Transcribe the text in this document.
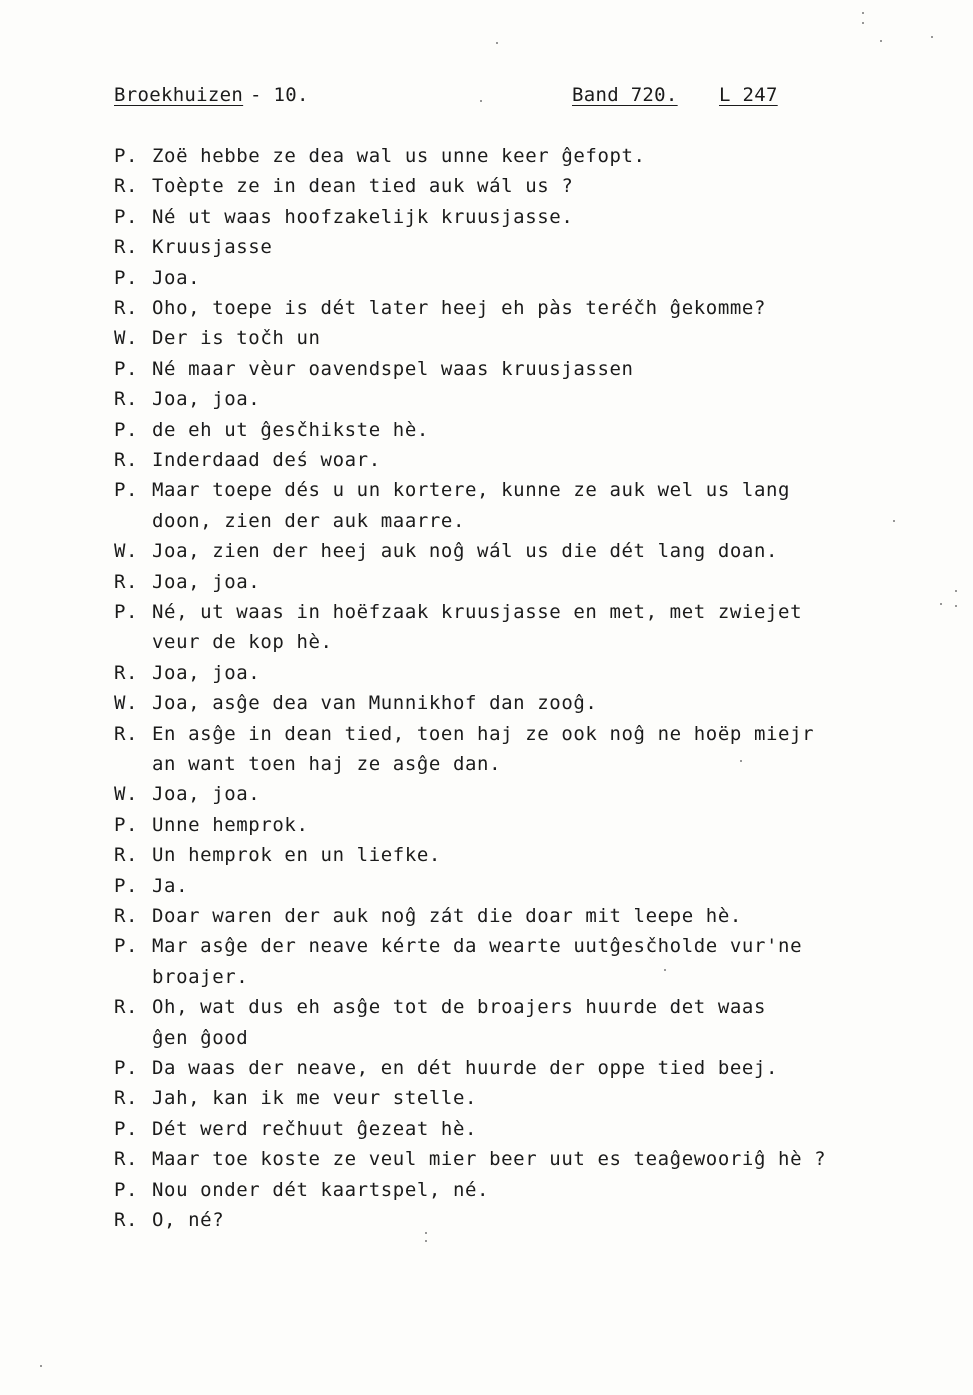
Broekhuizen - 10.	Band 720. L 247
P. Zoë hebbe ze dea wal us unne keer ĝefopt.
R. Toèpte ze in dean tied auk wál us ?
P. Né ut waas hoofzakelijk kruusjasse.
R. Kruusjasse
P. Joa.
R. Oho, toepe is dét later heej eh pàs teréčh ĝekomme?
W. Der is točh un
P. Né maar vèur oavendspel waas kruusjassen
R. Joa, joa.
P. de eh ut ĝesčhikste hè.
R. Inderdaad deś woar.
P. Maar toepe dés u un kortere, kunne ze auk wel us lang
doon, zien der auk maarre.
W. Joa, zien der heej auk noĝ wál us die dét lang doan.
R. Joa, joa.
P. Né, ut waas in hoëfzaak kruusjasse en met, met zwiejet
veur de kop hè.
R. Joa, joa.
W. Joa, asĝe dea van Munnikhof dan zooĝ.
R. En asĝe in dean tied, toen haj ze ook noĝ ne hoëp miejr
an want toen haj ze asĝe dan.
W. Joa, joa.
P. Unne hemprok.
R. Un hemprok en un liefke.
P. Ja.
R. Doar waren der auk noĝ zát die doar mit leepe hè.
P. Mar asĝe der neave kérte da wearte uutĝesčholde vur'ne
broajer.
R. Oh, wat dus eh asĝe tot de broajers huurde det waas
ĝen ĝood
P. Da waas der neave, en dét huurde der oppe tied beej.
R. Jah, kan ik me veur stelle.
P. Dét werd rečhuut ĝezeat hè.
R. Maar toe koste ze veul mier beer uut es teaĝewooriĝ hè ?
P. Nou onder dét kaartspel, né.
R. O, né?
